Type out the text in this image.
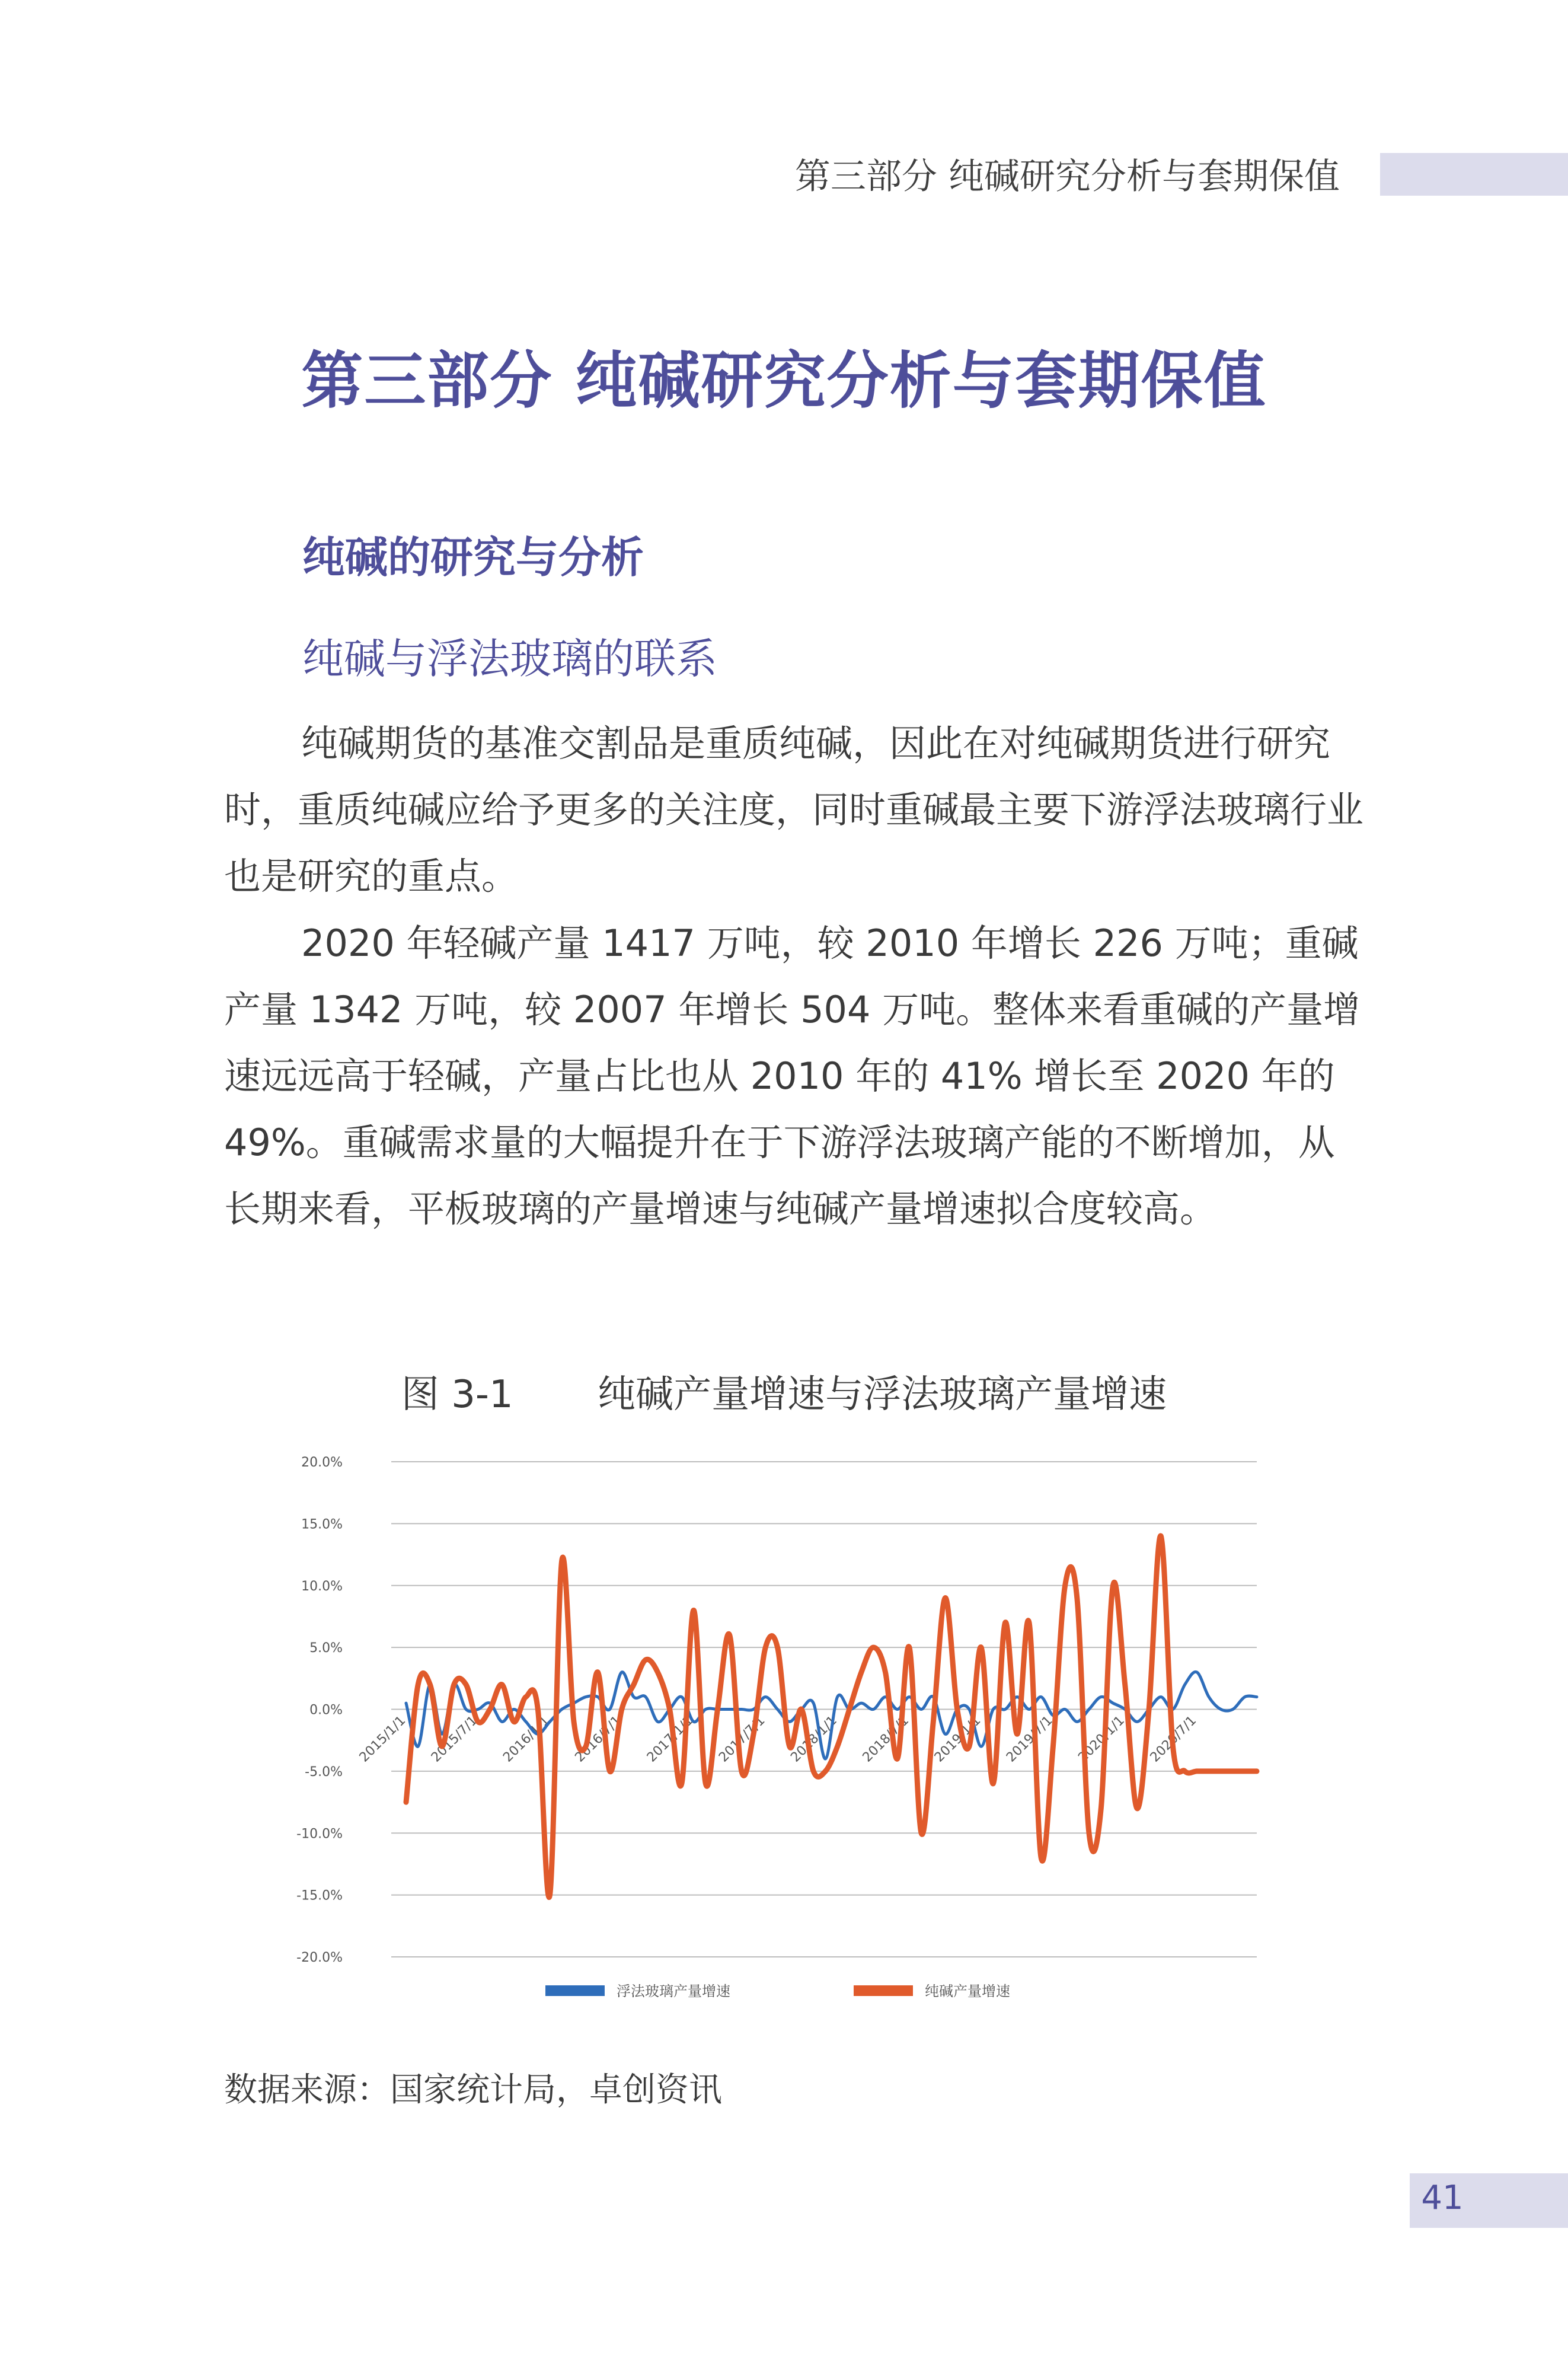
第三部分 纯碱研究分析与套期保值
第三部分 纯碱研究分析与套期保值
纯碱的研究与分析
纯碱与浮法玻璃的联系

纯碱期货的基准交割品是重质纯碱，因此在对纯碱期货进行研究时，重质纯碱应给予更多的关注度，同时重碱最主要下游浮法玻璃行业也是研究的重点。

2020 年轻碱产量 1417 万吨，较 2010 年增长 226 万吨；重碱产量 1342 万吨，较 2007 年增长 504 万吨。整体来看重碱的产量增速远远高于轻碱，产量占比也从 2010 年的 41% 增长至 2020 年的 49%。重碱需求量的大幅提升在于下游浮法玻璃产能的不断增加，从长期来看，平板玻璃的产量增速与纯碱产量增速拟合度较高。

图 3-1       纯碱产量增速与浮法玻璃产量增速
20.0%
15.0%
10.0%
5.0%
0.0%
-5.0%
-10.0%
-15.0%
-20.0%
2015/1/1 2015/7/1 2016/1/1 2016/7/1 2017/1/1 2017/7/1 2018/1/1 2018/7/1 2019/1/1 2019/7/1 2020/1/1 2020/7/1
浮法玻璃产量增速	纯碱产量增速
数据来源：国家统计局，卓创资讯
41
